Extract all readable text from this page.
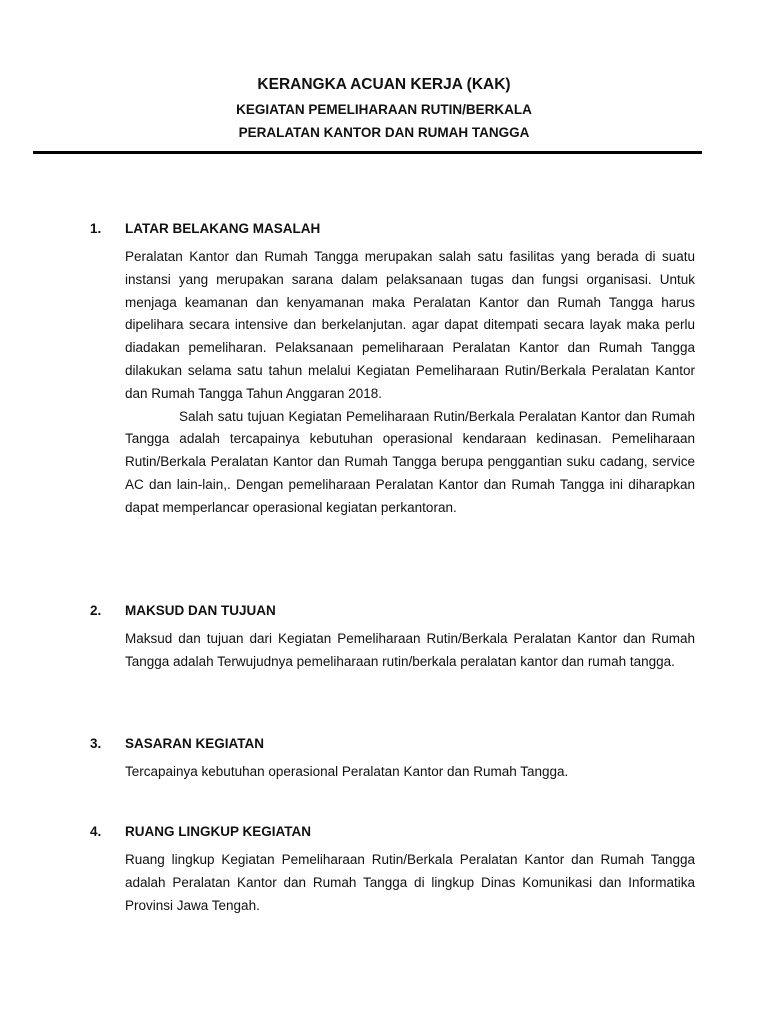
KERANGKA ACUAN KERJA (KAK)
KEGIATAN PEMELIHARAAN RUTIN/BERKALA
PERALATAN KANTOR DAN RUMAH TANGGA
1. LATAR BELAKANG MASALAH

Peralatan Kantor dan Rumah Tangga merupakan salah satu fasilitas yang berada di suatu instansi yang merupakan sarana dalam pelaksanaan tugas dan fungsi organisasi. Untuk menjaga keamanan dan kenyamanan maka Peralatan Kantor dan Rumah Tangga harus dipelihara secara intensive dan berkelanjutan. agar dapat ditempati secara layak maka perlu diadakan pemeliharan. Pelaksanaan pemeliharaan Peralatan Kantor dan Rumah Tangga dilakukan selama satu tahun melalui Kegiatan Pemeliharaan Rutin/Berkala Peralatan Kantor dan Rumah Tangga Tahun Anggaran 2018.

Salah satu tujuan Kegiatan Pemeliharaan Rutin/Berkala Peralatan Kantor dan Rumah Tangga adalah tercapainya kebutuhan operasional kendaraan kedinasan. Pemeliharaan Rutin/Berkala Peralatan Kantor dan Rumah Tangga berupa penggantian suku cadang, service AC dan lain-lain,. Dengan pemeliharaan Peralatan Kantor dan Rumah Tangga ini diharapkan dapat memperlancar operasional kegiatan perkantoran.

2. MAKSUD DAN TUJUAN

Maksud dan tujuan dari Kegiatan Pemeliharaan Rutin/Berkala Peralatan Kantor dan Rumah Tangga adalah Terwujudnya pemeliharaan rutin/berkala peralatan kantor dan rumah tangga.

3. SASARAN KEGIATAN

Tercapainya kebutuhan operasional Peralatan Kantor dan Rumah Tangga.

4. RUANG LINGKUP KEGIATAN

Ruang lingkup Kegiatan Pemeliharaan Rutin/Berkala Peralatan Kantor dan Rumah Tangga adalah Peralatan Kantor dan Rumah Tangga di lingkup Dinas Komunikasi dan Informatika Provinsi Jawa Tengah.
